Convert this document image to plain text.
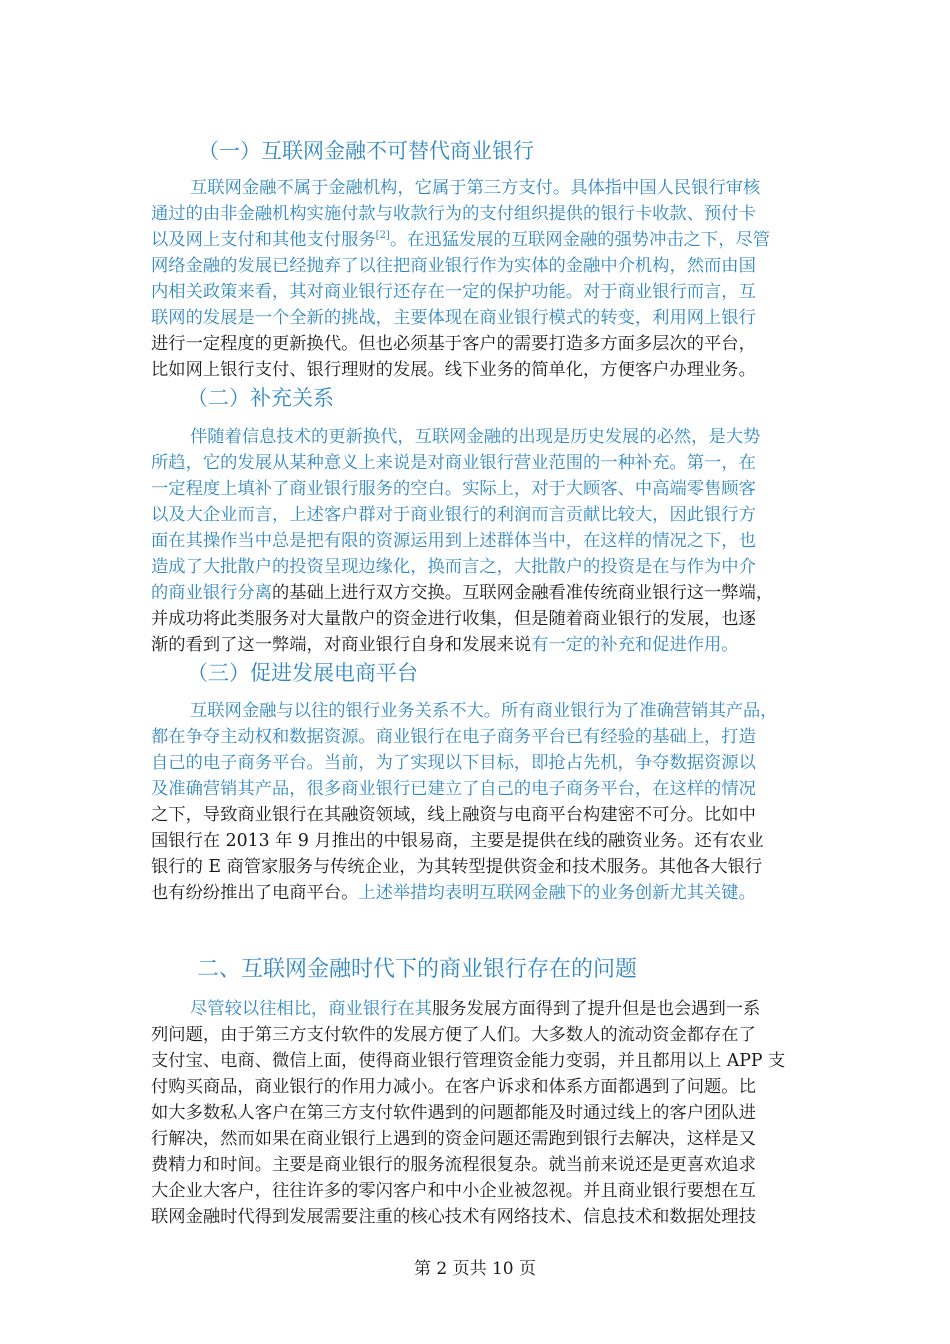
（一）互联网金融不可替代商业银行
互联网金融不属于金融机构，它属于第三方支付。具体指中国人民银行审核
通过的由非金融机构实施付款与收款行为的支付组织提供的银行卡收款、预付卡
以及网上支付和其他支付服务[2]。在迅猛发展的互联网金融的强势冲击之下，尽管
网络金融的发展已经抛弃了以往把商业银行作为实体的金融中介机构，然而由国
内相关政策来看，其对商业银行还存在一定的保护功能。对于商业银行而言，互
联网的发展是一个全新的挑战，主要体现在商业银行模式的转变，利用网上银行
进行一定程度的更新换代。但也必须基于客户的需要打造多方面多层次的平台，
比如网上银行支付、银行理财的发展。线下业务的简单化，方便客户办理业务。
（二）补充关系
伴随着信息技术的更新换代，互联网金融的出现是历史发展的必然，是大势
所趋，它的发展从某种意义上来说是对商业银行营业范围的一种补充。第一，在
一定程度上填补了商业银行服务的空白。实际上，对于大顾客、中高端零售顾客
以及大企业而言，上述客户群对于商业银行的利润而言贡献比较大，因此银行方
面在其操作当中总是把有限的资源运用到上述群体当中，在这样的情况之下，也
造成了大批散户的投资呈现边缘化，换而言之，大批散户的投资是在与作为中介
的商业银行分离的基础上进行双方交换。互联网金融看准传统商业银行这一弊端，
并成功将此类服务对大量散户的资金进行收集，但是随着商业银行的发展，也逐
渐的看到了这一弊端，对商业银行自身和发展来说有一定的补充和促进作用。
（三）促进发展电商平台
互联网金融与以往的银行业务关系不大。所有商业银行为了准确营销其产品，
都在争夺主动权和数据资源。商业银行在电子商务平台已有经验的基础上，打造
自己的电子商务平台。当前，为了实现以下目标，即抢占先机，争夺数据资源以
及准确营销其产品，很多商业银行已建立了自己的电子商务平台，在这样的情况
之下，导致商业银行在其融资领域，线上融资与电商平台构建密不可分。比如中
国银行在 2013 年 9 月推出的中银易商，主要是提供在线的融资业务。还有农业
银行的 E 商管家服务与传统企业，为其转型提供资金和技术服务。其他各大银行
也有纷纷推出了电商平台。上述举措均表明互联网金融下的业务创新尤其关键。
二、互联网金融时代下的商业银行存在的问题
尽管较以往相比，商业银行在其服务发展方面得到了提升但是也会遇到一系
列问题，由于第三方支付软件的发展方便了人们。大多数人的流动资金都存在了
支付宝、电商、微信上面，使得商业银行管理资金能力变弱，并且都用以上 APP 支
付购买商品，商业银行的作用力减小。在客户诉求和体系方面都遇到了问题。比
如大多数私人客户在第三方支付软件遇到的问题都能及时通过线上的客户团队进
行解决，然而如果在商业银行上遇到的资金问题还需跑到银行去解决，这样是又
费精力和时间。主要是商业银行的服务流程很复杂。就当前来说还是更喜欢追求
大企业大客户，往往许多的零闪客户和中小企业被忽视。并且商业银行要想在互
联网金融时代得到发展需要注重的核心技术有网络技术、信息技术和数据处理技
第 2 页共 10 页
